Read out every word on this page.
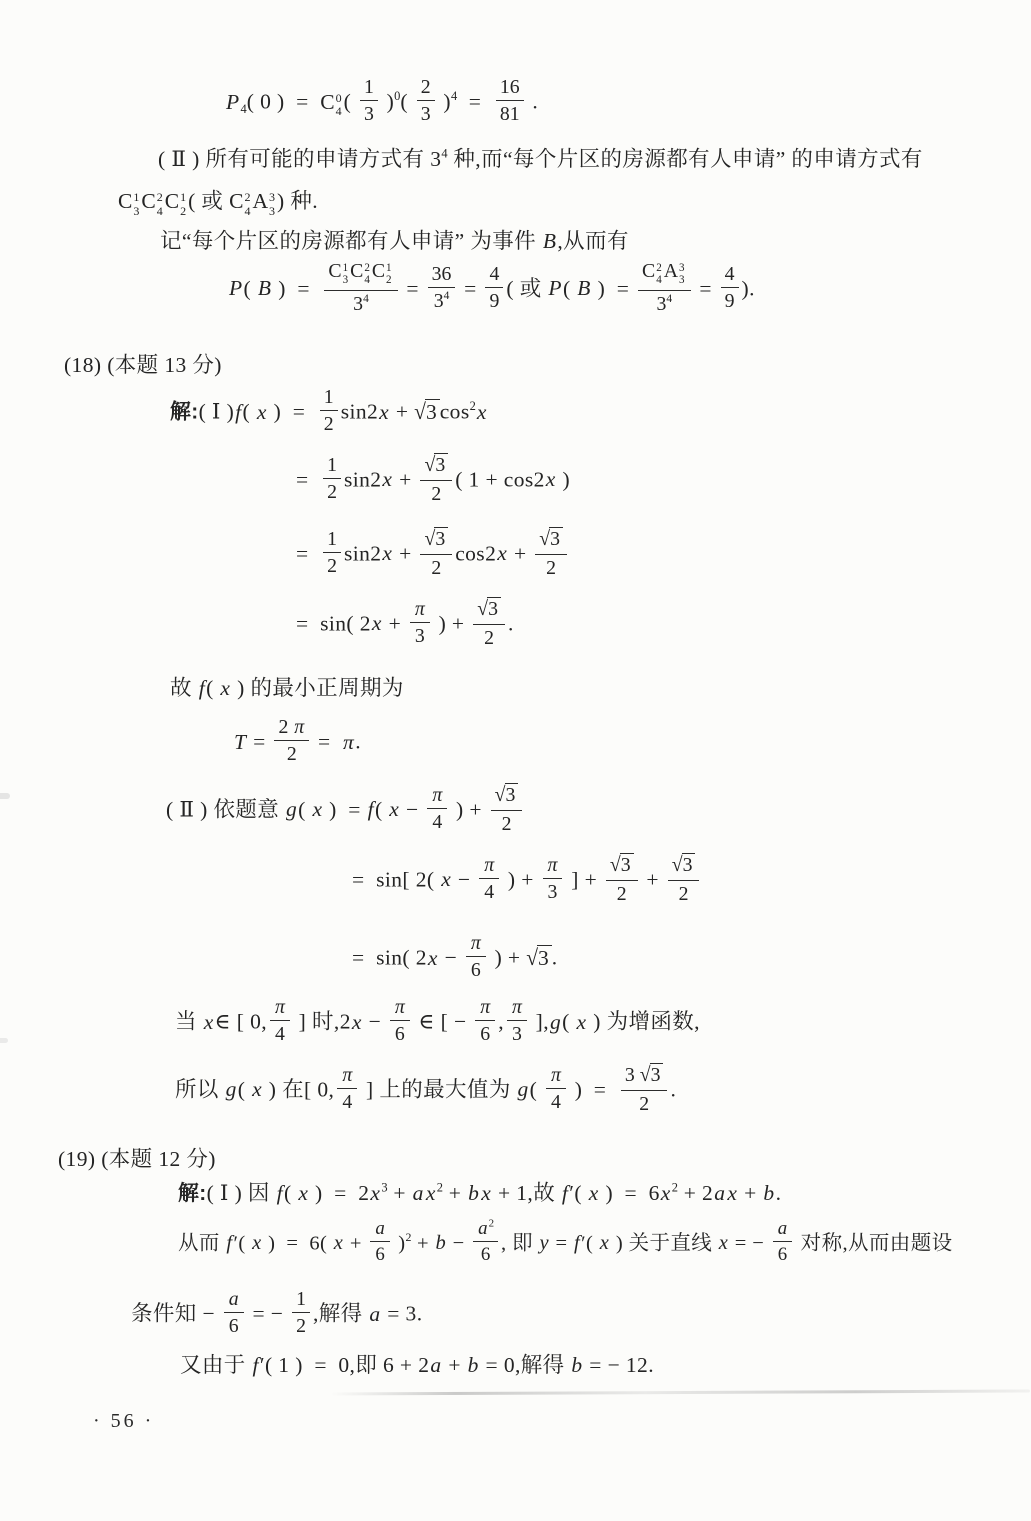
$P_4$( 0 )  =  C 0
4 ( $\frac{1}{3} )^0( \frac{2}{3} )^4 = \frac{16}{81}$ .
( Ⅱ ) 所有可能的申请方式有 $3^4$ 种,而“每个片区的房源都有人申请” 的申请方式有
C 1
3 C 2
4 C 1
2 ( 或 C 2
4 A 3
3 ) 种.
记“每个片区的房源都有人申请” 为事件 B,从而有
P( B )  = C 1
3 C 2
4 C 1
2
$3^4 = \frac{36}{3^4} = \frac{4}{9}$ ( 或 P( B )  = C 2
4 A 3
3
$3^4 = \frac{4}{9}$ ).
(18) (本题 13 分)
解:( Ⅰ )f( x )  = $\frac{1}{2} \sin 2x + √3$ $\cos^2x$
= $\frac{1}{2} \sin 2x + \frac{√3}{2}$ ( 1 + cos2x )
= $\frac{1}{2} \sin 2x + \frac{√3}{2} \cos 2x + \frac{√3}{2}$
=  sin( $2x + \frac{\pi}{3}$ ) + $\frac{√3}{2}$ .
故 f( x ) 的最小正周期为
$T = \frac{2 \pi}{2} = \pi$.
( Ⅱ ) 依题意 g( x )  = f( $x - \frac{\pi}{4}$ ) + $\frac{√3}{2}$
=  sin[ 2( $x - \frac{\pi}{4}$ ) + $\frac{\pi}{3}$ ] + $\frac{√3}{2} + \frac{√3}{2}$
=  sin( $2x - \frac{\pi}{6}$ ) + √3 .
当 x∈ [ 0, $\frac{\pi}{4}$ ] 时$,2x - \frac{\pi}{6}$ ∈ [ − $\frac{\pi}{6}$ , $\frac{\pi}{3} ],g$( x ) 为增函数,
所以 g( x ) 在[ 0, $\frac{\pi}{4}$ ] 上的最大值为 $g( \frac{\pi}{4}$ )  = $\frac{3 √3}{2}$ .
(19) (本题 12 分)
解:( Ⅰ ) 因 f( x )  =  $2x^3 + ax^2$ + bx + 1,故 f′( x )  =  $6x^2 + 2ax + b$.
从而 f′( x )  =  6( $x + \frac{a}{6} )^2 + b - \frac{a^2}{6}$ , 即 y = f′( x ) 关于直线 x = − $\frac{a}{6}$ 对称,从而由题设
条件知 − $\frac{a}{6}$ = − $\frac{1}{2}$ ,解得 a = 3.
又由于 f′( 1 )  =  0,即 6 + 2a + b = 0,解得 b = − 12.
· 56 ·
